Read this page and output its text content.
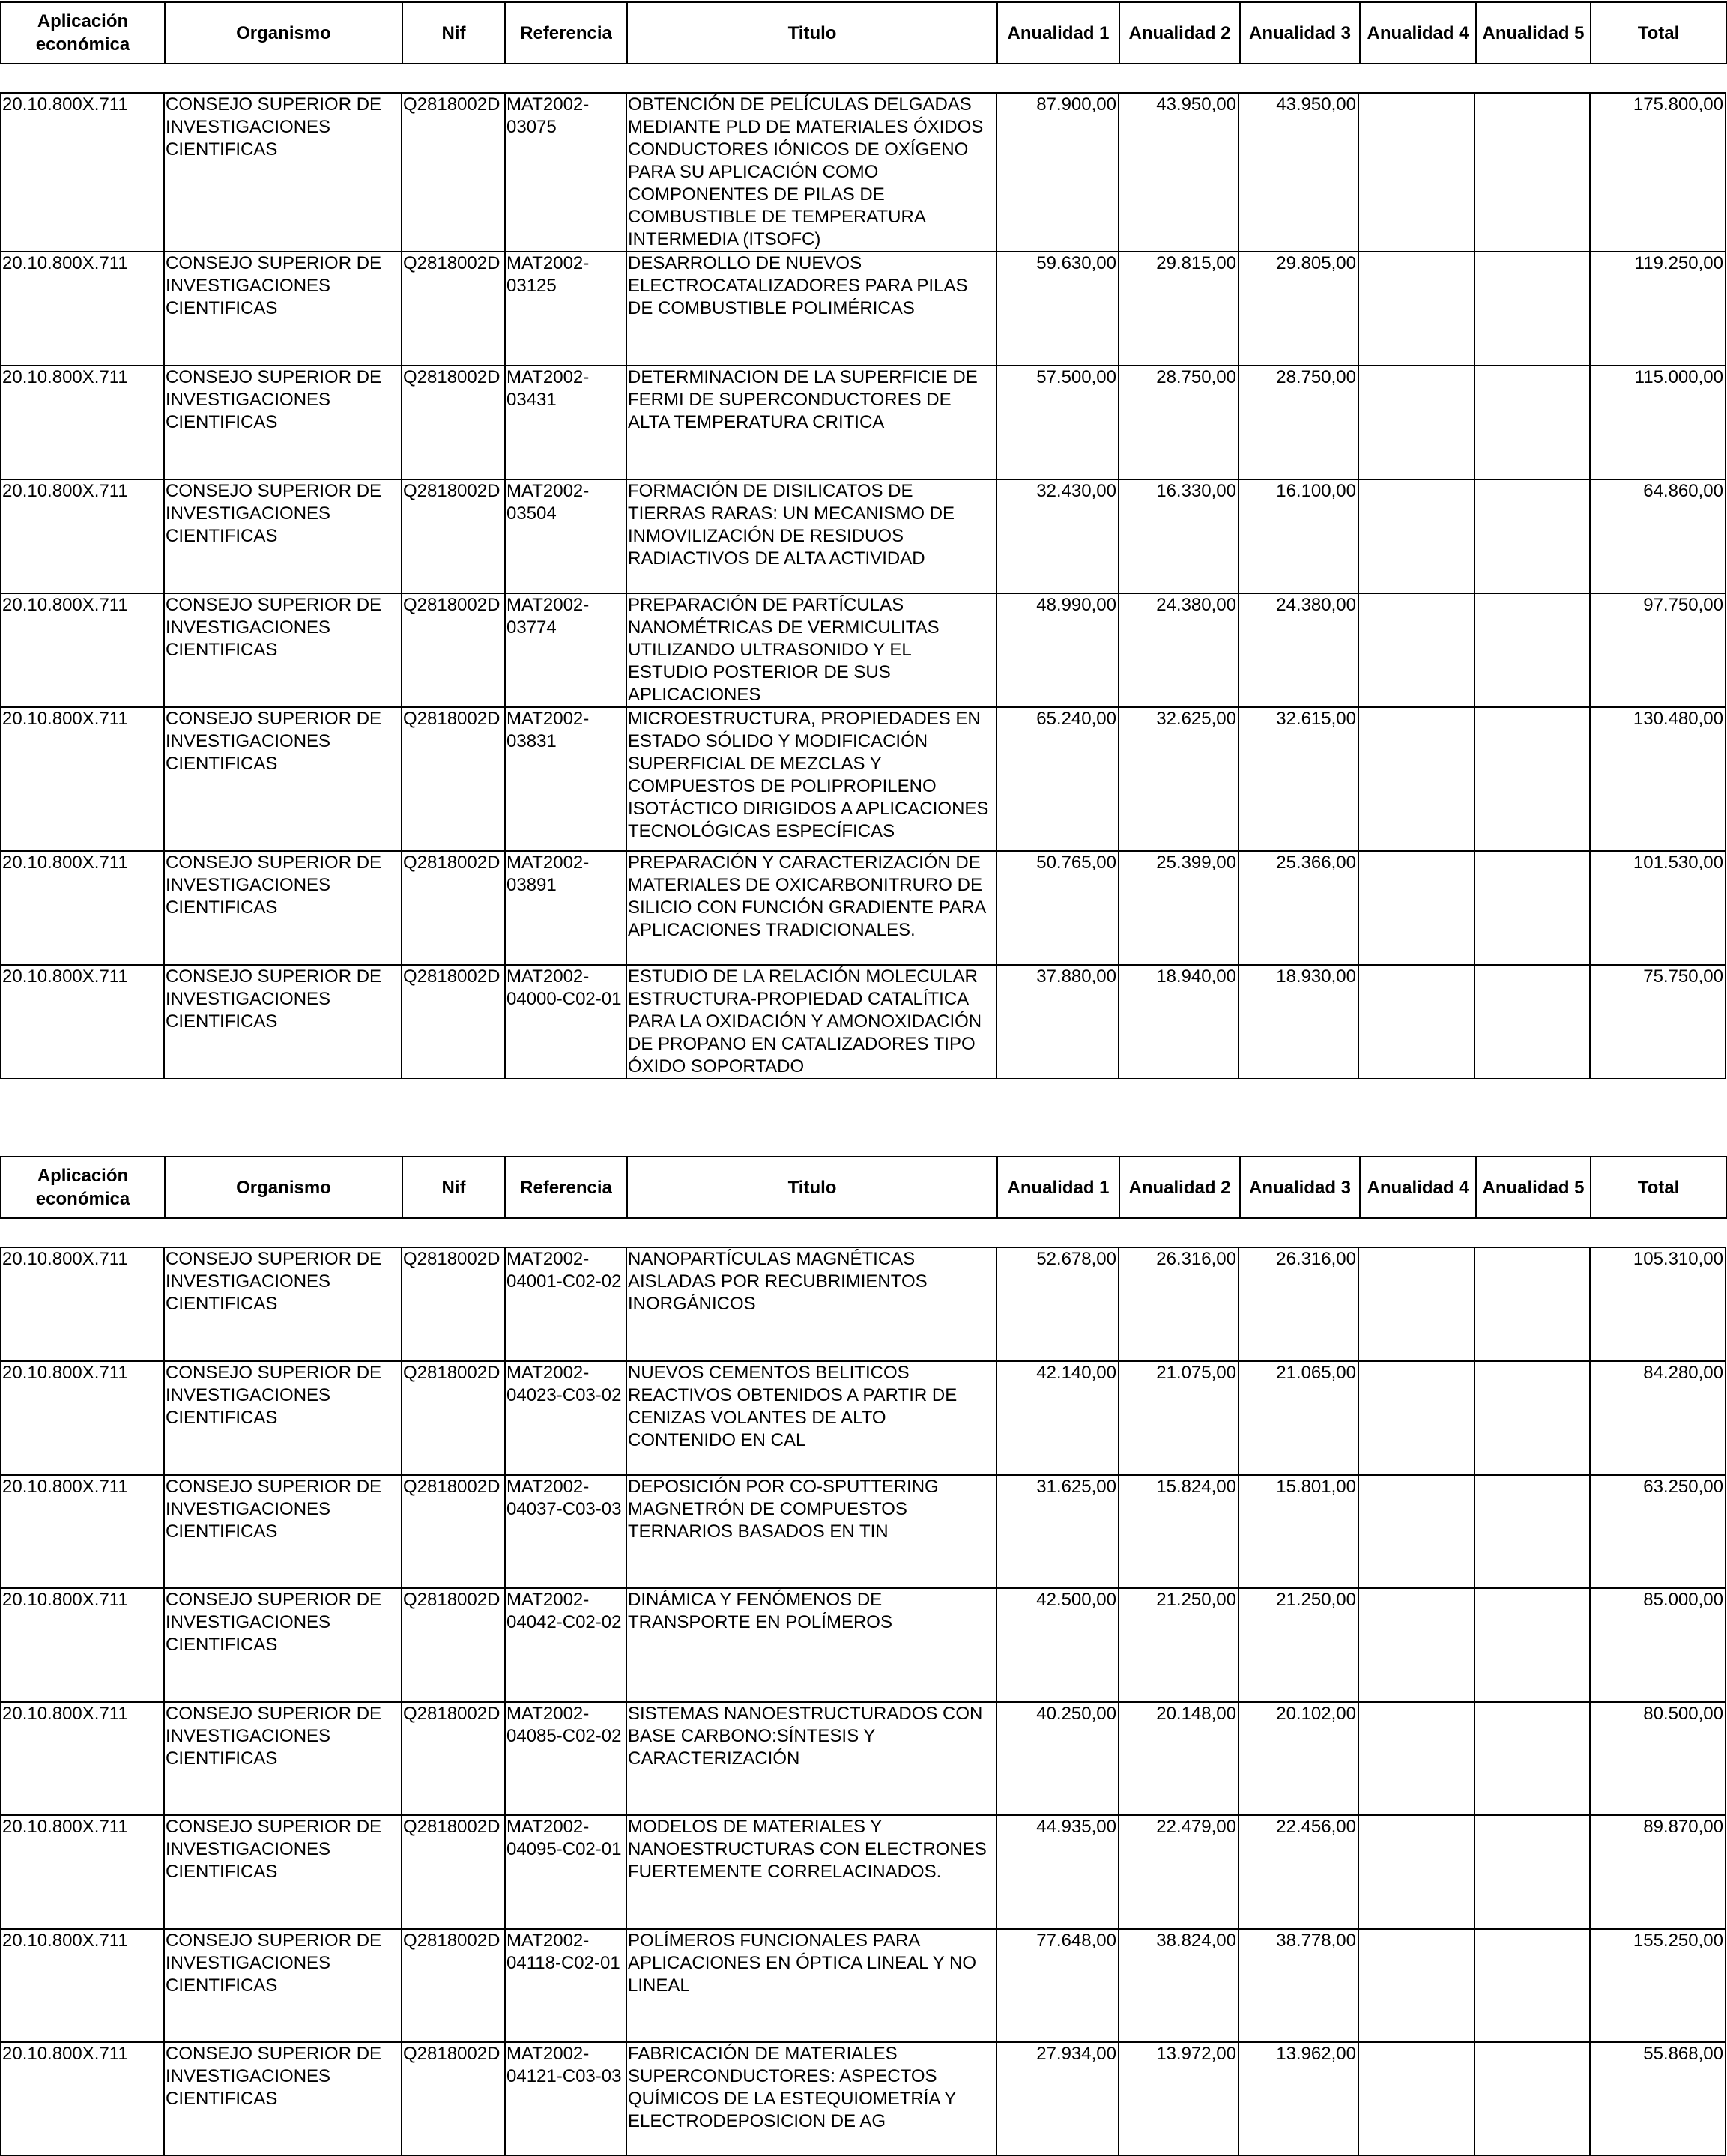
Aplicación económica	Organismo	Nif	Referencia	Titulo	Anualidad 1	Anualidad 2	Anualidad 3	Anualidad 4	Anualidad 5	Total
20.10.800X.711	CONSEJO SUPERIOR DE INVESTIGACIONES CIENTIFICAS	Q2818002D	MAT2002-03075	OBTENCIÓN DE PELÍCULAS DELGADAS MEDIANTE PLD DE MATERIALES ÓXIDOS CONDUCTORES IÓNICOS DE OXÍGENO PARA SU APLICACIÓN COMO COMPONENTES DE PILAS DE COMBUSTIBLE DE TEMPERATURA INTERMEDIA (ITSOFC)	87.900,00	43.950,00	43.950,00			175.800,00
20.10.800X.711	CONSEJO SUPERIOR DE INVESTIGACIONES CIENTIFICAS	Q2818002D	MAT2002-03125	DESARROLLO DE NUEVOS ELECTROCATALIZADORES PARA PILAS DE COMBUSTIBLE POLIMÉRICAS	59.630,00	29.815,00	29.805,00			119.250,00
20.10.800X.711	CONSEJO SUPERIOR DE INVESTIGACIONES CIENTIFICAS	Q2818002D	MAT2002-03431	DETERMINACION DE LA SUPERFICIE DE FERMI DE SUPERCONDUCTORES DE ALTA TEMPERATURA CRITICA	57.500,00	28.750,00	28.750,00			115.000,00
20.10.800X.711	CONSEJO SUPERIOR DE INVESTIGACIONES CIENTIFICAS	Q2818002D	MAT2002-03504	FORMACIÓN DE DISILICATOS DE TIERRAS RARAS: UN MECANISMO DE INMOVILIZACIÓN DE RESIDUOS RADIACTIVOS DE ALTA ACTIVIDAD	32.430,00	16.330,00	16.100,00			64.860,00
20.10.800X.711	CONSEJO SUPERIOR DE INVESTIGACIONES CIENTIFICAS	Q2818002D	MAT2002-03774	PREPARACIÓN DE PARTÍCULAS NANOMÉTRICAS DE VERMICULITAS UTILIZANDO ULTRASONIDO Y EL ESTUDIO POSTERIOR DE SUS APLICACIONES	48.990,00	24.380,00	24.380,00			97.750,00
20.10.800X.711	CONSEJO SUPERIOR DE INVESTIGACIONES CIENTIFICAS	Q2818002D	MAT2002-03831	MICROESTRUCTURA, PROPIEDADES EN ESTADO SÓLIDO Y MODIFICACIÓN SUPERFICIAL DE MEZCLAS Y COMPUESTOS DE POLIPROPILENO ISOTÁCTICO DIRIGIDOS A APLICACIONES TECNOLÓGICAS ESPECÍFICAS	65.240,00	32.625,00	32.615,00			130.480,00
20.10.800X.711	CONSEJO SUPERIOR DE INVESTIGACIONES CIENTIFICAS	Q2818002D	MAT2002-03891	PREPARACIÓN Y CARACTERIZACIÓN DE MATERIALES DE OXICARBONITRURO DE SILICIO CON FUNCIÓN GRADIENTE PARA APLICACIONES TRADICIONALES.	50.765,00	25.399,00	25.366,00			101.530,00
20.10.800X.711	CONSEJO SUPERIOR DE INVESTIGACIONES CIENTIFICAS	Q2818002D	MAT2002-04000-C02-01	ESTUDIO DE LA RELACIÓN MOLECULAR ESTRUCTURA-PROPIEDAD CATALÍTICA PARA LA OXIDACIÓN Y AMONOXIDACIÓN DE PROPANO EN CATALIZADORES TIPO ÓXIDO SOPORTADO	37.880,00	18.940,00	18.930,00			75.750,00
Aplicación económica	Organismo	Nif	Referencia	Titulo	Anualidad 1	Anualidad 2	Anualidad 3	Anualidad 4	Anualidad 5	Total
20.10.800X.711	CONSEJO SUPERIOR DE INVESTIGACIONES CIENTIFICAS	Q2818002D	MAT2002-04001-C02-02	NANOPARTÍCULAS MAGNÉTICAS AISLADAS POR RECUBRIMIENTOS INORGÁNICOS	52.678,00	26.316,00	26.316,00			105.310,00
20.10.800X.711	CONSEJO SUPERIOR DE INVESTIGACIONES CIENTIFICAS	Q2818002D	MAT2002-04023-C03-02	NUEVOS CEMENTOS BELITICOS REACTIVOS OBTENIDOS A PARTIR DE CENIZAS VOLANTES DE ALTO CONTENIDO EN CAL	42.140,00	21.075,00	21.065,00			84.280,00
20.10.800X.711	CONSEJO SUPERIOR DE INVESTIGACIONES CIENTIFICAS	Q2818002D	MAT2002-04037-C03-03	DEPOSICIÓN POR CO-SPUTTERING MAGNETRÓN DE COMPUESTOS TERNARIOS BASADOS EN TIN	31.625,00	15.824,00	15.801,00			63.250,00
20.10.800X.711	CONSEJO SUPERIOR DE INVESTIGACIONES CIENTIFICAS	Q2818002D	MAT2002-04042-C02-02	DINÁMICA Y FENÓMENOS DE TRANSPORTE EN POLÍMEROS	42.500,00	21.250,00	21.250,00			85.000,00
20.10.800X.711	CONSEJO SUPERIOR DE INVESTIGACIONES CIENTIFICAS	Q2818002D	MAT2002-04085-C02-02	SISTEMAS NANOESTRUCTURADOS CON BASE CARBONO:SÍNTESIS Y CARACTERIZACIÓN	40.250,00	20.148,00	20.102,00			80.500,00
20.10.800X.711	CONSEJO SUPERIOR DE INVESTIGACIONES CIENTIFICAS	Q2818002D	MAT2002-04095-C02-01	MODELOS DE MATERIALES Y NANOESTRUCTURAS CON ELECTRONES FUERTEMENTE CORRELACINADOS.	44.935,00	22.479,00	22.456,00			89.870,00
20.10.800X.711	CONSEJO SUPERIOR DE INVESTIGACIONES CIENTIFICAS	Q2818002D	MAT2002-04118-C02-01	POLÍMEROS FUNCIONALES PARA APLICACIONES EN ÓPTICA LINEAL Y NO LINEAL	77.648,00	38.824,00	38.778,00			155.250,00
20.10.800X.711	CONSEJO SUPERIOR DE INVESTIGACIONES CIENTIFICAS	Q2818002D	MAT2002-04121-C03-03	FABRICACIÓN DE MATERIALES SUPERCONDUCTORES: ASPECTOS QUÍMICOS DE LA ESTEQUIOMETRÍA Y ELECTRODEPOSICION DE AG	27.934,00	13.972,00	13.962,00			55.868,00
